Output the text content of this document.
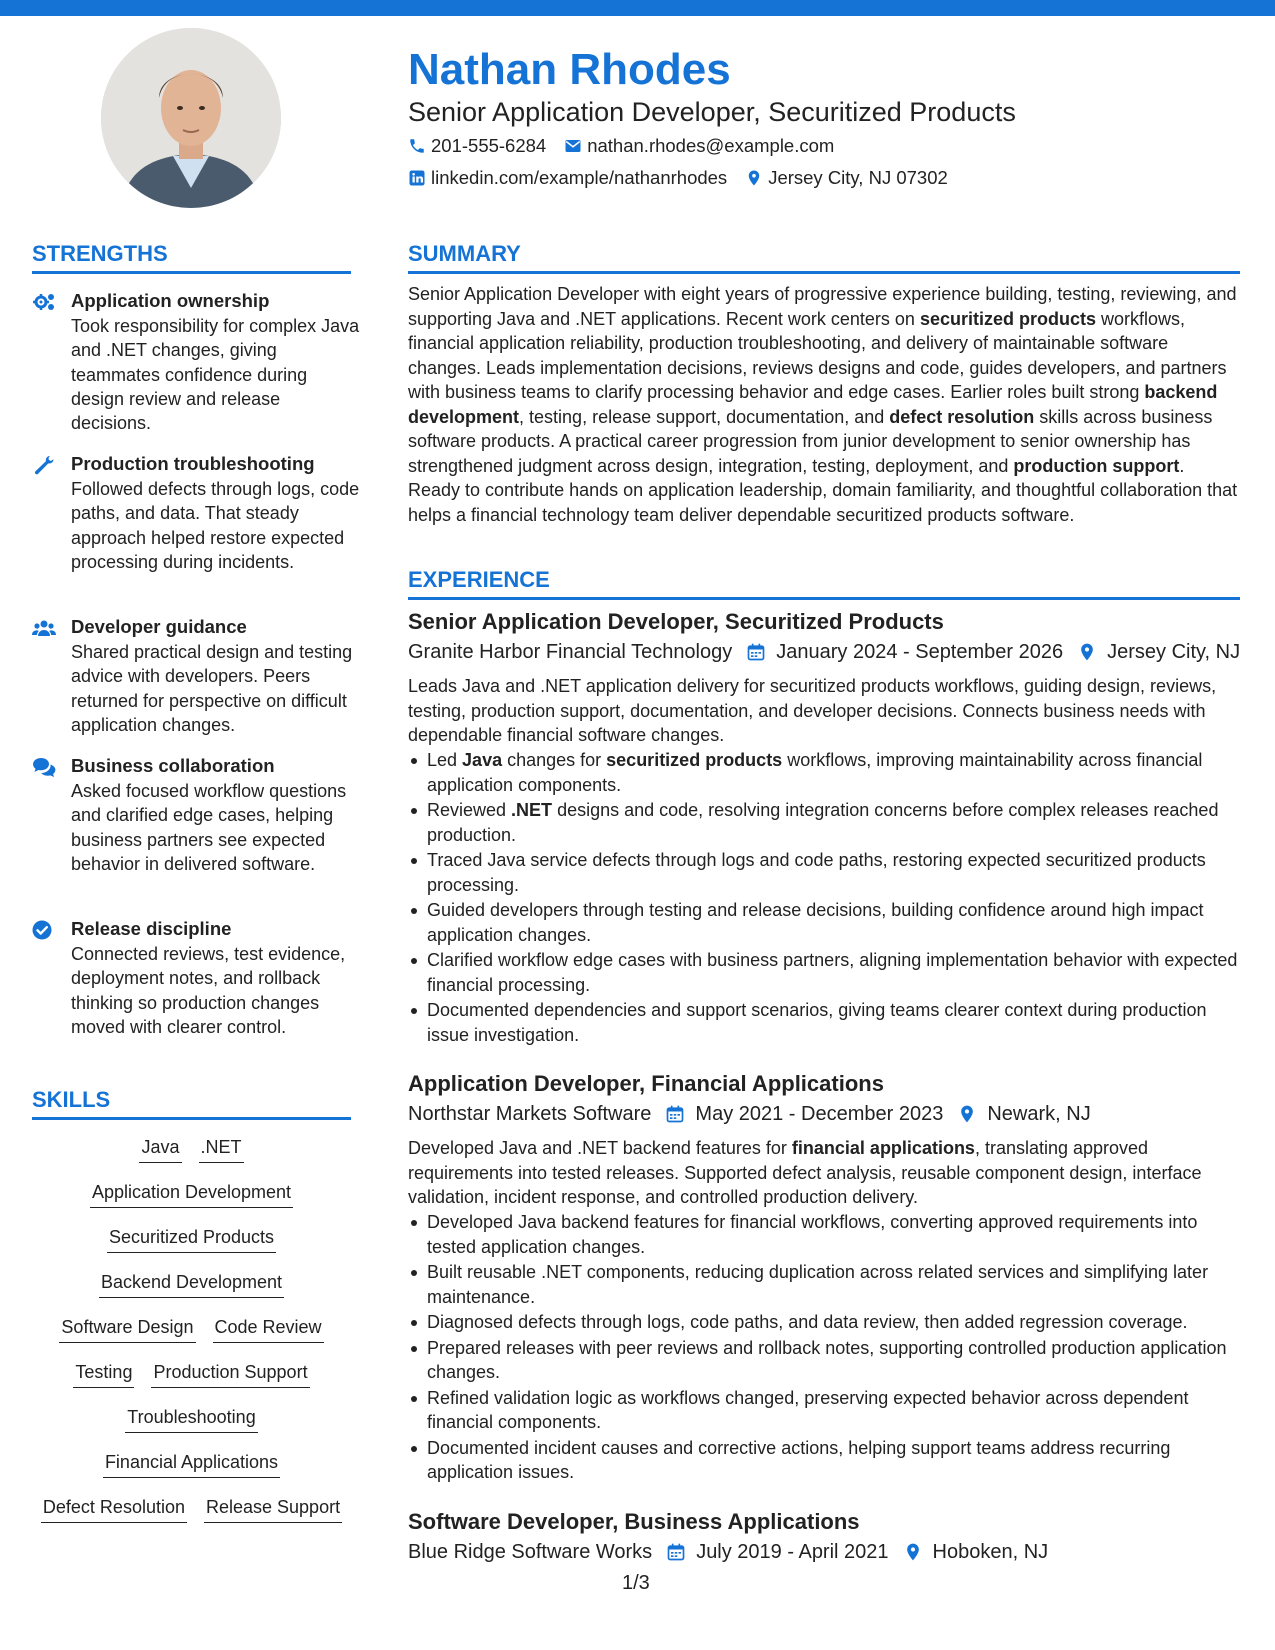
Nathan Rhodes
Senior Application Developer, Securitized Products
201-555-6284 nathan.rhodes@example.com
linkedin.com/example/nathanrhodes Jersey City, NJ 07302
STRENGTHS
Application ownership
Took responsibility for complex Java and .NET changes, giving teammates confidence during design review and release decisions.
Production troubleshooting
Followed defects through logs, code paths, and data. That steady approach helped restore expected processing during incidents.
Developer guidance
Shared practical design and testing advice with developers. Peers returned for perspective on difficult application changes.
Business collaboration
Asked focused workflow questions and clarified edge cases, helping business partners see expected behavior in delivered software.
Release discipline
Connected reviews, test evidence, deployment notes, and rollback thinking so production changes moved with clearer control.
SKILLS
Java .NET
Application Development
Securitized Products
Backend Development
Software Design Code Review
Testing Production Support
Troubleshooting
Financial Applications
Defect Resolution Release Support
SUMMARY
Senior Application Developer with eight years of progressive experience building, testing, reviewing, and supporting Java and .NET applications. Recent work centers on securitized products workflows, financial application reliability, production troubleshooting, and delivery of maintainable software changes. Leads implementation decisions, reviews designs and code, guides developers, and partners with business teams to clarify processing behavior and edge cases. Earlier roles built strong backend development, testing, release support, documentation, and defect resolution skills across business software products. A practical career progression from junior development to senior ownership has strengthened judgment across design, integration, testing, deployment, and production support. Ready to contribute hands on application leadership, domain familiarity, and thoughtful collaboration that helps a financial technology team deliver dependable securitized products software.
EXPERIENCE
Senior Application Developer, Securitized Products
Granite Harbor Financial Technology January 2024 - September 2026 Jersey City, NJ
Leads Java and .NET application delivery for securitized products workflows, guiding design, reviews, testing, production support, documentation, and developer decisions. Connects business needs with dependable financial software changes.
Led Java changes for securitized products workflows, improving maintainability across financial application components.
Reviewed .NET designs and code, resolving integration concerns before complex releases reached production.
Traced Java service defects through logs and code paths, restoring expected securitized products processing.
Guided developers through testing and release decisions, building confidence around high impact application changes.
Clarified workflow edge cases with business partners, aligning implementation behavior with expected financial processing.
Documented dependencies and support scenarios, giving teams clearer context during production issue investigation.
Application Developer, Financial Applications
Northstar Markets Software May 2021 - December 2023 Newark, NJ
Developed Java and .NET backend features for financial applications, translating approved requirements into tested releases. Supported defect analysis, reusable component design, interface validation, incident response, and controlled production delivery.
Developed Java backend features for financial workflows, converting approved requirements into tested application changes.
Built reusable .NET components, reducing duplication across related services and simplifying later maintenance.
Diagnosed defects through logs, code paths, and data review, then added regression coverage.
Prepared releases with peer reviews and rollback notes, supporting controlled production application changes.
Refined validation logic as workflows changed, preserving expected behavior across dependent financial components.
Documented incident causes and corrective actions, helping support teams address recurring application issues.
Software Developer, Business Applications
Blue Ridge Software Works July 2019 - April 2021 Hoboken, NJ
1/3
